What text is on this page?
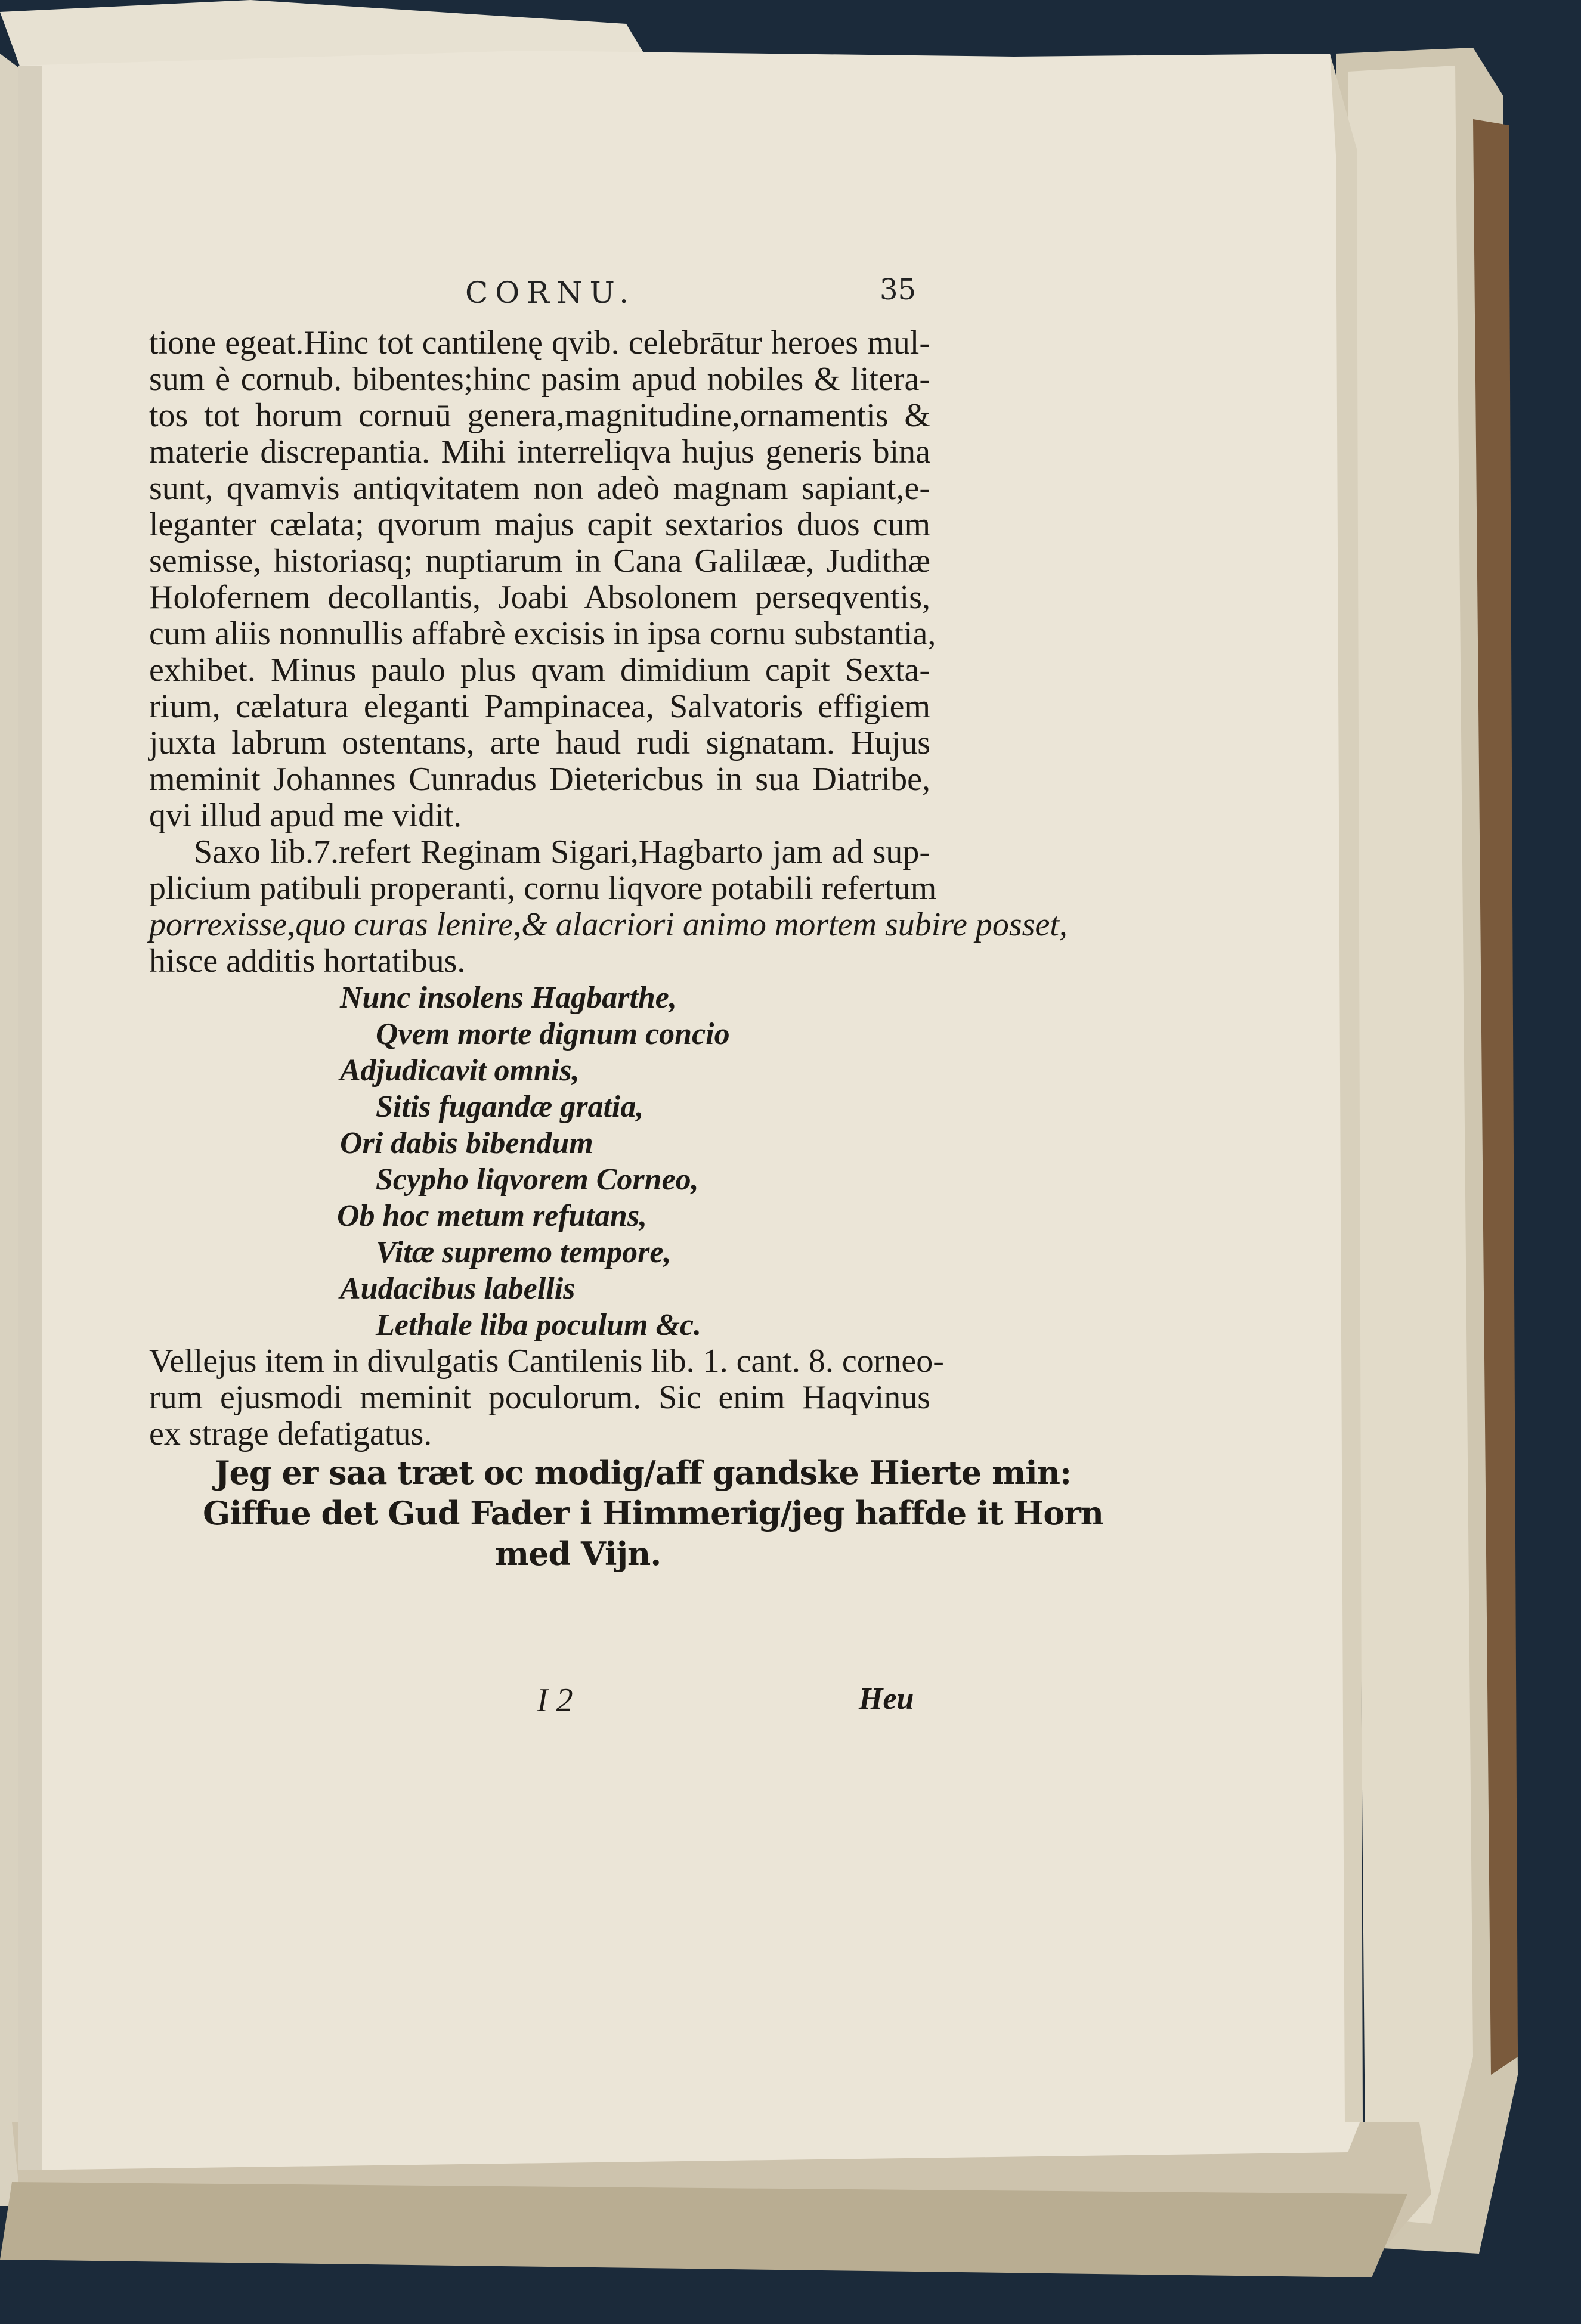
CORNU.	35
tione egeat.Hinc tot cantilenę qvib. celebrātur heroes mul-
sum è cornub. bibentes;hinc pasim apud nobiles & litera-
tos tot horum cornuū genera,magnitudine,ornamentis &
materie discrepantia. Mihi interreliqva hujus generis bina
sunt, qvamvis antiqvitatem non adeò magnam sapiant,e-
leganter cælata; qvorum majus capit sextarios duos cum
semisse, historiasq; nuptiarum in Cana Galilææ, Judithæ
Holofernem decollantis, Joabi Absolonem perseqventis,
cum aliis nonnullis affabrè excisis in ipsa cornu substantia,
exhibet. Minus paulo plus qvam dimidium capit Sexta-
rium, cælatura eleganti Pampinacea, Salvatoris effigiem
juxta labrum ostentans, arte haud rudi signatam. Hujus
meminit Johannes Cunradus Dietericbus in sua Diatribe,
qvi illud apud me vidit.
Saxo lib.7.refert Reginam Sigari,Hagbarto jam ad sup-
plicium patibuli properanti, cornu liqvore potabili refertum
porrexisse,quo curas lenire,& alacriori animo mortem subire posset,
hisce additis hortatibus.
Nunc insolens Hagbarthe,
Qvem morte dignum concio
Adjudicavit omnis,
Sitis fugandæ gratia,
Ori dabis bibendum
Scypho liqvorem Corneo,
Ob hoc metum refutans,
Vitæ supremo tempore,
Audacibus labellis
Lethale liba poculum &c.
Vellejus item in divulgatis Cantilenis lib. 1. cant. 8. corneo-
rum ejusmodi meminit poculorum. Sic enim Haqvinus
ex strage defatigatus.
Jeg er saa træt oc modig/aff gandske Hierte min:
Giffue det Gud Fader i Himmerig/jeg haffde it Horn
med Vijn.
I 2	Heu
